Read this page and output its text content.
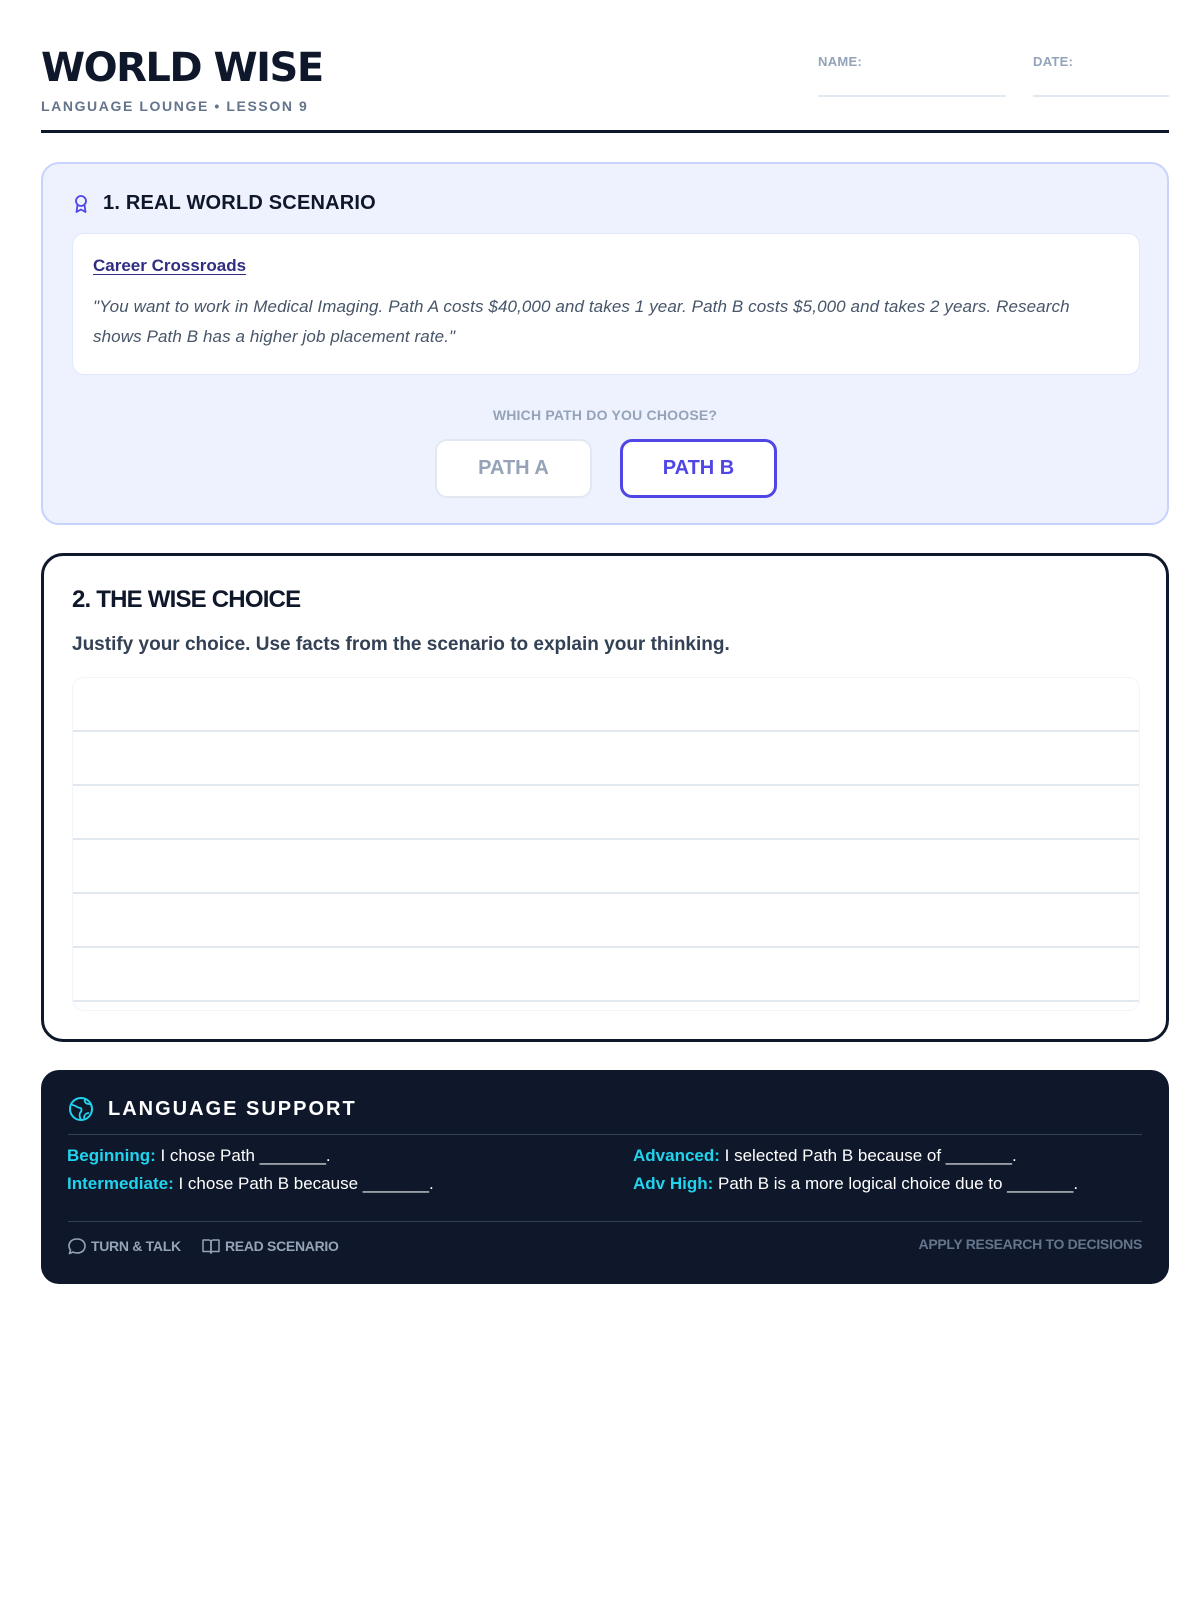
WORLD WISE
LANGUAGE LOUNGE • LESSON 9
NAME:	DATE:
1. REAL WORLD SCENARIO
Career Crossroads
"You want to work in Medical Imaging. Path A costs $40,000 and takes 1 year. Path B costs $5,000 and takes 2 years. Research shows Path B has a higher job placement rate."
WHICH PATH DO YOU CHOOSE?
PATH A	PATH B
2. THE WISE CHOICE
Justify your choice. Use facts from the scenario to explain your thinking.
LANGUAGE SUPPORT
Beginning: I chose Path _______.
Intermediate: I chose Path B because _______.
Advanced: I selected Path B because of _______.
Adv High: Path B is a more logical choice due to _______.
TURN & TALK	READ SCENARIO	APPLY RESEARCH TO DECISIONS
